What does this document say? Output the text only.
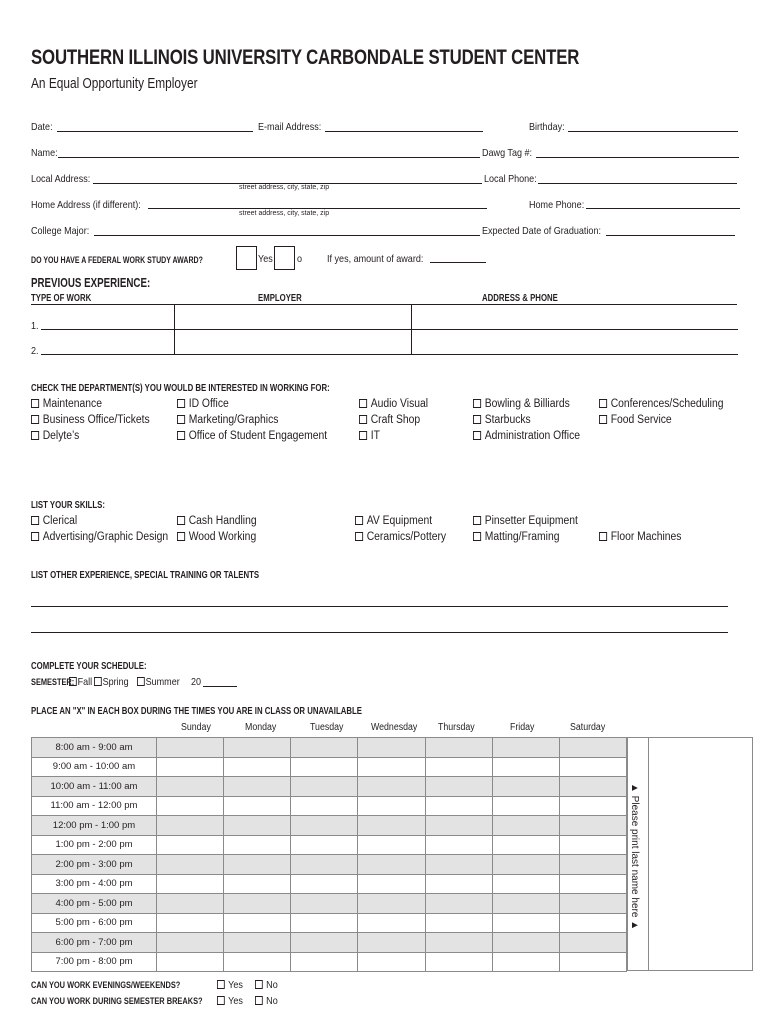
SOUTHERN ILLINOIS UNIVERSITY CARBONDALE STUDENT CENTER
An Equal Opportunity Employer
Date:	E-mail Address:	Birthday:
Name:	Dawg Tag #:
Local Address:
street address, city, state, zip
Local Phone:
Home Address (if different):
street address, city, state, zip
Home Phone:
College Major:	Expected Date of Graduation:
DO YOU HAVE A FEDERAL WORK STUDY AWARD?	Yes o If yes, amount of award:
PREVIOUS EXPERIENCE:
TYPE OF WORK	EMPLOYER	ADDRESS & PHONE
1.
2.
CHECK THE DEPARTMENT(S) YOU WOULD BE INTERESTED IN WORKING FOR:
Maintenance
Business Office/Tickets
Delyte’s
ID Office
Marketing/Graphics
Office of Student Engagement
Audio Visual
Craft Shop
IT
Bowling & Billiards
Starbucks
Administration Office
Conferences/Scheduling
Food Service
LIST YOUR SKILLS:
Clerical
Advertising/Graphic Design
Cash Handling
Wood Working
AV Equipment
Ceramics/Pottery
Pinsetter Equipment
Matting/Framing	Floor Machines
LIST OTHER EXPERIENCE, SPECIAL TRAINING OR TALENTS
COMPLETE YOUR SCHEDULE:
SEMESTER: Fall Spring	Summer 20
PLACE AN "X" IN EACH BOX DURING THE TIMES YOU ARE IN CLASS OR UNAVAILABLE
Sunday	Monday	Tuesday	Wednesday Thursday	Friday	Saturday
8:00 am - 9:00 am							
9:00 am - 10:00 am							
10:00 am - 11:00 am							
11:00 am - 12:00 pm							
12:00 pm - 1:00 pm							
1:00 pm - 2:00 pm							
2:00 pm - 3:00 pm							
3:00 pm - 4:00 pm							
4:00 pm - 5:00 pm							
5:00 pm - 6:00 pm							
6:00 pm - 7:00 pm							
7:00 pm - 8:00 pm							
▲ Please print last name here ▲
CAN YOU WORK EVENINGS/WEEKENDS?	Yes	No
CAN YOU WORK DURING SEMESTER BREAKS?	Yes	No
